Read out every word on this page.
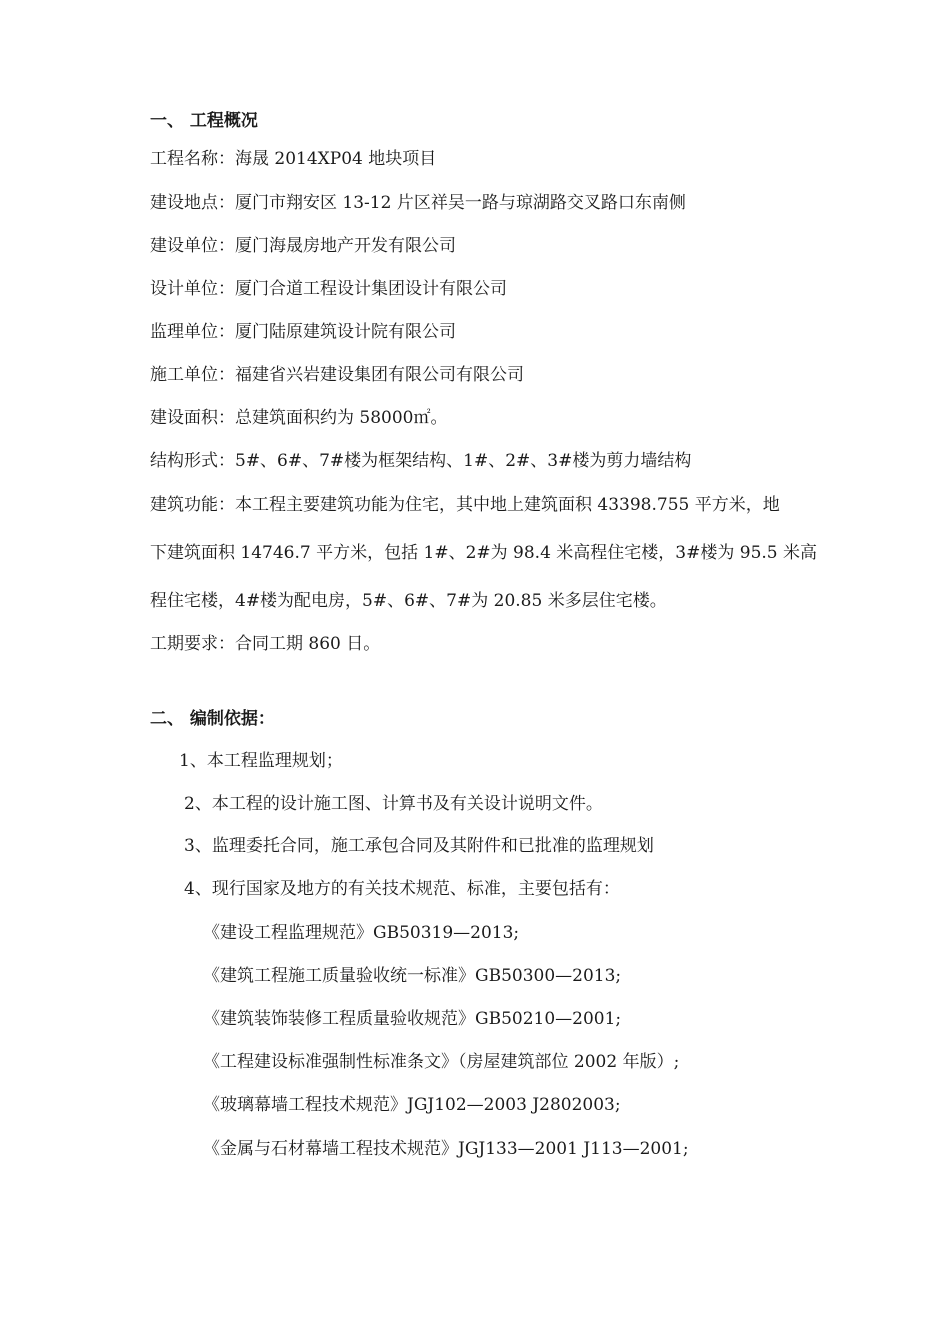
一、 工程概况
工程名称：海晟 2014XP04 地块项目
建设地点：厦门市翔安区 13-12 片区祥吴一路与琼湖路交叉路口东南侧
建设单位：厦门海晟房地产开发有限公司
设计单位：厦门合道工程设计集团设计有限公司
监理单位：厦门陆原建筑设计院有限公司
施工单位：福建省兴岩建设集团有限公司有限公司
建设面积：总建筑面积约为 58000㎡。
结构形式：5#、6#、7#楼为框架结构、1#、2#、3#楼为剪力墙结构
建筑功能：本工程主要建筑功能为住宅，其中地上建筑面积 43398.755 平方米，地
下建筑面积 14746.7 平方米，包括 1#、2#为 98.4 米高程住宅楼，3#楼为 95.5 米高
程住宅楼，4#楼为配电房，5#、6#、7#为 20.85 米多层住宅楼。
工期要求：合同工期 860 日。
二、 编制依据：
1、本工程监理规划；
2、本工程的设计施工图、计算书及有关设计说明文件。
3、监理委托合同，施工承包合同及其附件和已批准的监理规划
4、现行国家及地方的有关技术规范、标准，主要包括有：
《建设工程监理规范》GB50319—2013;
《建筑工程施工质量验收统一标准》GB50300—2013;
《建筑装饰装修工程质量验收规范》GB50210—2001;
《工程建设标准强制性标准条文》（房屋建筑部位 2002 年版）;
《玻璃幕墙工程技术规范》JGJ102—2003 J2802003;
《金属与石材幕墙工程技术规范》JGJ133—2001 J113—2001;
